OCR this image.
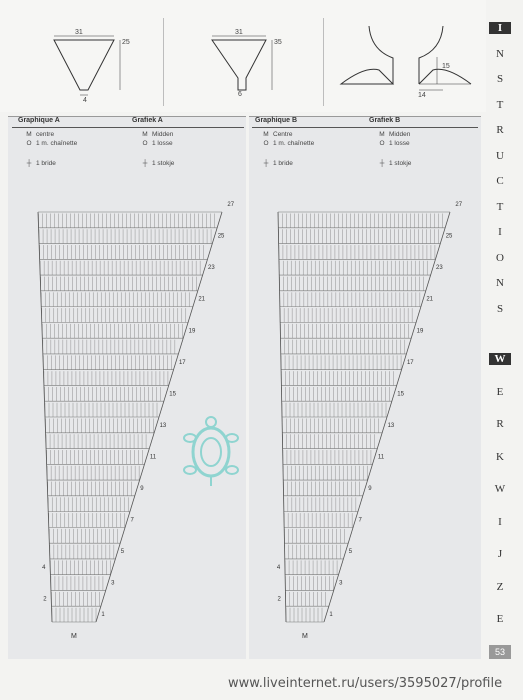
31
25
4
31
35
6
15
14
Graphique A	Grafiek A
M centre
O 1 m. chaînette
┼ 1 bride
M Midden
O 1 losse
┼ 1 stokje
Graphique B	Grafiek B
M Centre
O 1 m. chaînette
┼ 1 bride
M Midden
O 1 losse
┼ 1 stokje
27
25
23
21
19
17
15
13
11
9
7
5
4
3
2
1
M
27
25
23
21
19
17
15
13
11
9
7
5
4
3
2
1
M
I
N
S
T
R
U
C
T
I
O
N
S
W
E
R
K
W
I
J
Z
E
53
www.liveinternet.ru/users/3595027/profile
